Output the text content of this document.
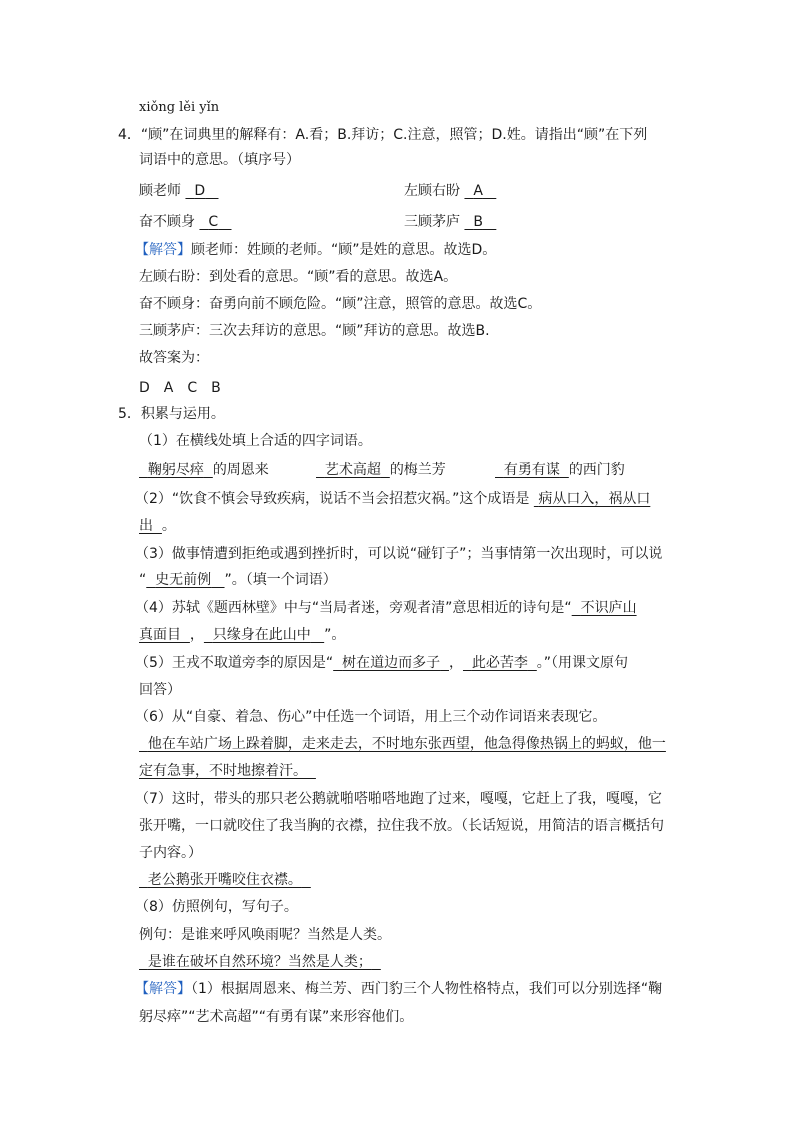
xiǒng lěi yǐn
4．“顾”在词典里的解释有：A.看；B.拜访；C.注意，照管；D.姓。请指出“顾”在下列
词语中的意思。（填序号）
顾老师 D	左顾右盼 A
奋不顾身 C	三顾茅庐 B
【解答】顾老师：姓顾的老师。“顾”是姓的意思。故选D。
左顾右盼：到处看的意思。“顾”看的意思。故选A。
奋不顾身：奋勇向前不顾危险。“顾”注意，照管的意思。故选C。
三顾茅庐：三次去拜访的意思。“顾”拜访的意思。故选B.
故答案为：
D　A　C　B
5．积累与运用。
（1）在横线处填上合适的四字词语。
鞠躬尽瘁 的周恩来	艺术高超 的梅兰芳	有勇有谋 的西门豹
（2）“饮食不慎会导致疾病，说话不当会招惹灾祸。”这个成语是 病从口入，祸从口
出 。
（3）做事情遭到拒绝或遇到挫折时，可以说“碰钉子”；当事情第一次出现时，可以说
“ 史无前例 ”。（填一个词语）
（4）苏轼《题西林壁》中与“当局者迷，旁观者清”意思相近的诗句是“ 不识庐山
真面目 ， 只缘身在此山中 ”。
（5）王戎不取道旁李的原因是“ 树在道边而多子 ， 此必苦李 。”（用课文原句
回答）
（6）从“自豪、着急、伤心”中任选一个词语，用上三个动作词语来表现它。
他在车站广场上跺着脚，走来走去，不时地东张西望，他急得像热锅上的蚂蚁，他一
定有急事，不时地擦着汗。
（7）这时，带头的那只老公鹅就啪嗒啪嗒地跑了过来，嘎嘎，它赶上了我，嘎嘎，它
张开嘴，一口就咬住了我当胸的衣襟，拉住我不放。（长话短说，用简洁的语言概括句
子内容。）
老公鹅张开嘴咬住衣襟。
（8）仿照例句，写句子。
例句：是谁来呼风唤雨呢？当然是人类。
是谁在破坏自然环境？当然是人类；
【解答】（1）根据周恩来、梅兰芳、西门豹三个人物性格特点，我们可以分别选择“鞠
躬尽瘁”“艺术高超”“有勇有谋”来形容他们。
